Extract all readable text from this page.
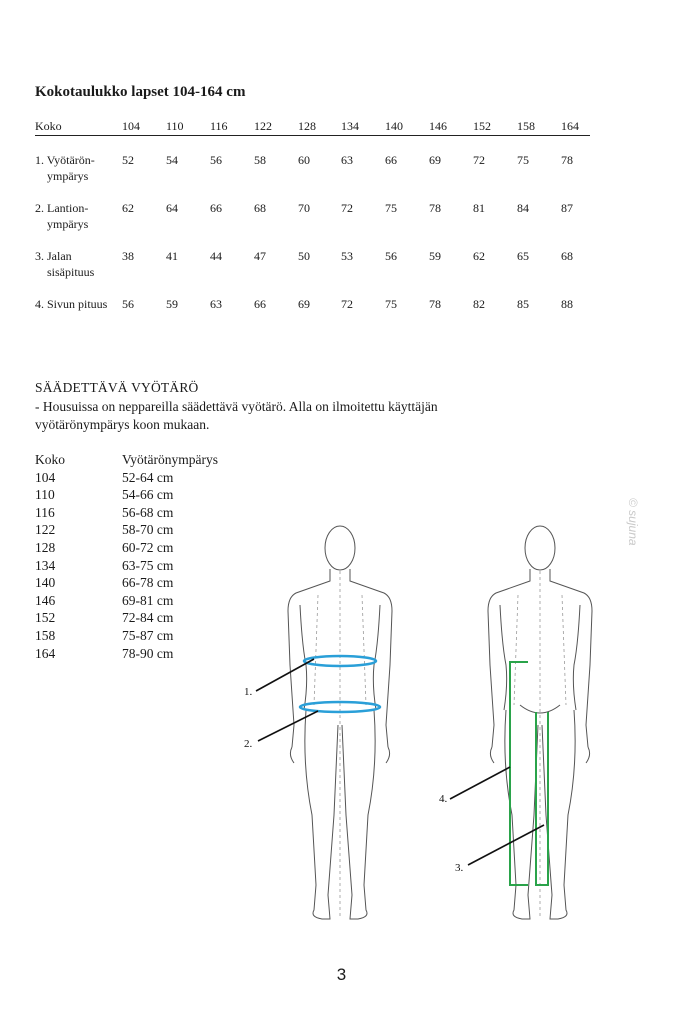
Kokotaulukko lapset 104-164 cm
Koko	104	110	116	122	128	134	140	146	152	158	164
1. Vyötärön-
ympärys
52	54	56	58	60	63	66	69	72	75	78
2. Lantion-
ympärys
62	64	66	68	70	72	75	78	81	84	87
3. Jalan
sisäpituus
38	41	44	47	50	53	56	59	62	65	68
4. Sivun pituus 56	59	63	66	69	72	75	78	82	85	88
SÄÄDETTÄVÄ VYÖTÄRÖ
- Housuissa on neppareilla säädettävä vyötärö. Alla on ilmoitettu käyttäjän vyötärönympärys koon mukaan.
Koko	Vyötärönympärys
104	52-64 cm
110	54-66 cm
116	56-68 cm
122	58-70 cm
128	60-72 cm
134	63-75 cm
140	66-78 cm
146	69-81 cm
152	72-84 cm
158	75-87 cm
164	78-90 cm
1.
2.
4.
3.
3
© sujuna
